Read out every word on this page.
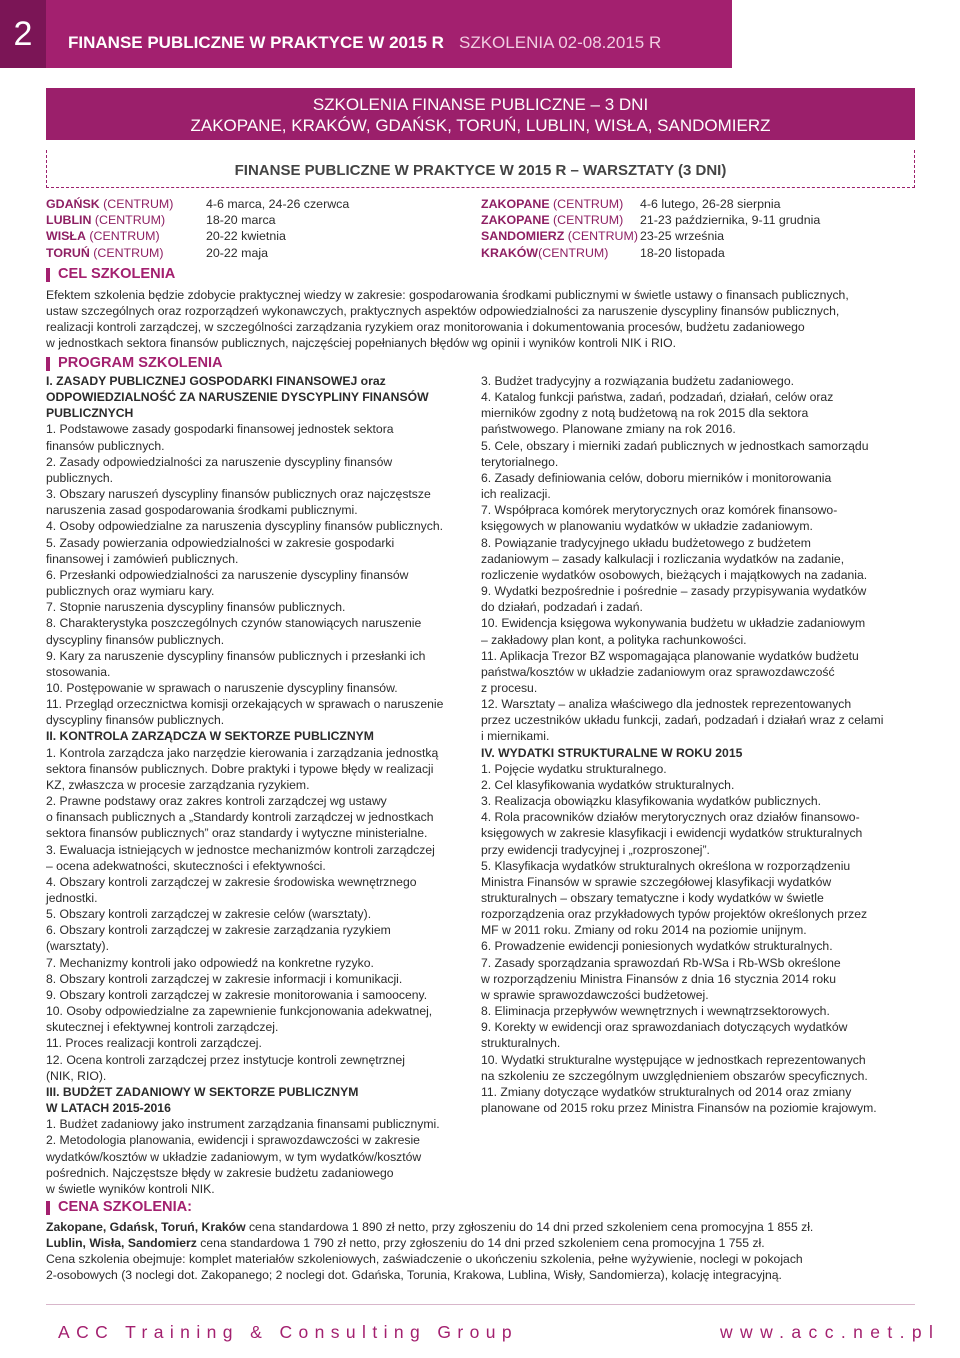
2	FINANSE PUBLICZNE W PRAKTYCE W 2015 R SZKOLENIA 02-08.2015 R
SZKOLENIA FINANSE PUBLICZNE – 3 DNI
ZAKOPANE, KRAKÓW, GDAŃSK, TORUŃ, LUBLIN, WISŁA, SANDOMIERZ
FINANSE PUBLICZNE W PRAKTYCE W 2015 R – WARSZTATY (3 DNI)
GDAŃSK (CENTRUM)
LUBLIN (CENTRUM)
WISŁA (CENTRUM)
TORUŃ (CENTRUM)
4-6 marca, 24-26 czerwca
18-20 marca
20-22 kwietnia
20-22 maja
ZAKOPANE (CENTRUM)
ZAKOPANE (CENTRUM)
SANDOMIERZ (CENTRUM)
KRAKÓW(CENTRUM)
4-6 lutego, 26-28 sierpnia
21-23 października, 9-11 grudnia
23-25 września
18-20 listopada
CEL SZKOLENIA
Efektem szkolenia będzie zdobycie praktycznej wiedzy w zakresie: gospodarowania środkami publicznymi w świetle ustawy o finansach publicznych,
ustaw szczególnych oraz rozporządzeń wykonawczych, praktycznych aspektów odpowiedzialności za naruszenie dyscypliny finansów publicznych,
realizacji kontroli zarządczej, w szczególności zarządzania ryzykiem oraz monitorowania i dokumentowania procesów, budżetu zadaniowego
w jednostkach sektora finansów publicznych, najczęściej popełnianych błędów wg opinii i wyników kontroli NIK i RIO.
PROGRAM SZKOLENIA
I. ZASADY PUBLICZNEJ GOSPODARKI FINANSOWEJ oraz
ODPOWIEDZIALNOŚĆ ZA NARUSZENIE DYSCYPLINY FINANSÓW
PUBLICZNYCH
1. Podstawowe zasady gospodarki finansowej jednostek sektora
finansów publicznych.
2. Zasady odpowiedzialności za naruszenie dyscypliny finansów
publicznych.
3. Obszary naruszeń dyscypliny finansów publicznych oraz najczęstsze
naruszenia zasad gospodarowania środkami publicznymi.
4. Osoby odpowiedzialne za naruszenia dyscypliny finansów publicznych.
5. Zasady powierzania odpowiedzialności w zakresie gospodarki
finansowej i zamówień publicznych.
6. Przesłanki odpowiedzialności za naruszenie dyscypliny finansów
publicznych oraz wymiaru kary.
7. Stopnie naruszenia dyscypliny finansów publicznych.
8. Charakterystyka poszczególnych czynów stanowiących naruszenie
dyscypliny finansów publicznych.
9. Kary za naruszenie dyscypliny finansów publicznych i przesłanki ich
stosowania.
10. Postępowanie w sprawach o naruszenie dyscypliny finansów.
11. Przegląd orzecznictwa komisji orzekających w sprawach o naruszenie
dyscypliny finansów publicznych.
II. KONTROLA ZARZĄDCZA W SEKTORZE PUBLICZNYM
1. Kontrola zarządcza jako narzędzie kierowania i zarządzania jednostką
sektora finansów publicznych. Dobre praktyki i typowe błędy w realizacji
KZ, zwłaszcza w procesie zarządzania ryzykiem.
2. Prawne podstawy oraz zakres kontroli zarządczej wg ustawy
o finansach publicznych a „Standardy kontroli zarządczej w jednostkach
sektora finansów publicznych” oraz standardy i wytyczne ministerialne.
3. Ewaluacja istniejących w jednostce mechanizmów kontroli zarządczej
– ocena adekwatności, skuteczności i efektywności.
4. Obszary kontroli zarządczej w zakresie środowiska wewnętrznego
jednostki.
5. Obszary kontroli zarządczej w zakresie celów (warsztaty).
6. Obszary kontroli zarządczej w zakresie zarządzania ryzykiem
(warsztaty).
7. Mechanizmy kontroli jako odpowiedź na konkretne ryzyko.
8. Obszary kontroli zarządczej w zakresie informacji i komunikacji.
9. Obszary kontroli zarządczej w zakresie monitorowania i samooceny.
10. Osoby odpowiedzialne za zapewnienie funkcjonowania adekwatnej,
skutecznej i efektywnej kontroli zarządczej.
11. Proces realizacji kontroli zarządczej.
12. Ocena kontroli zarządczej przez instytucje kontroli zewnętrznej
(NIK, RIO).
III. BUDŻET ZADANIOWY W SEKTORZE PUBLICZNYM
W LATACH 2015-2016
1. Budżet zadaniowy jako instrument zarządzania finansami publicznymi.
2. Metodologia planowania, ewidencji i sprawozdawczości w zakresie
wydatków/kosztów w układzie zadaniowym, w tym wydatków/kosztów
pośrednich. Najczęstsze błędy w zakresie budżetu zadaniowego
w świetle wyników kontroli NIK.
3. Budżet tradycyjny a rozwiązania budżetu zadaniowego.
4. Katalog funkcji państwa, zadań, podzadań, działań, celów oraz
mierników zgodny z notą budżetową na rok 2015 dla sektora
państwowego. Planowane zmiany na rok 2016.
5. Cele, obszary i mierniki zadań publicznych w jednostkach samorządu
terytorialnego.
6. Zasady definiowania celów, doboru mierników i monitorowania
ich realizacji.
7. Współpraca komórek merytorycznych oraz komórek finansowo-
księgowych w planowaniu wydatków w układzie zadaniowym.
8. Powiązanie tradycyjnego układu budżetowego z budżetem
zadaniowym – zasady kalkulacji i rozliczania wydatków na zadanie,
rozliczenie wydatków osobowych, bieżących i majątkowych na zadania.
9. Wydatki bezpośrednie i pośrednie – zasady przypisywania wydatków
do działań, podzadań i zadań.
10. Ewidencja księgowa wykonywania budżetu w układzie zadaniowym
– zakładowy plan kont, a polityka rachunkowości.
11. Aplikacja Trezor BZ wspomagająca planowanie wydatków budżetu
państwa/kosztów w układzie zadaniowym oraz sprawozdawczość
z procesu.
12. Warsztaty – analiza właściwego dla jednostek reprezentowanych
przez uczestników układu funkcji, zadań, podzadań i działań wraz z celami
i miernikami.
IV. WYDATKI STRUKTURALNE W ROKU 2015
1. Pojęcie wydatku strukturalnego.
2. Cel klasyfikowania wydatków strukturalnych.
3. Realizacja obowiązku klasyfikowania wydatków publicznych.
4. Rola pracowników działów merytorycznych oraz działów finansowo-
księgowych w zakresie klasyfikacji i ewidencji wydatków strukturalnych
przy ewidencji tradycyjnej i „rozproszonej”.
5. Klasyfikacja wydatków strukturalnych określona w rozporządzeniu
Ministra Finansów w sprawie szczegółowej klasyfikacji wydatków
strukturalnych – obszary tematyczne i kody wydatków w świetle
rozporządzenia oraz przykładowych typów projektów określonych przez
MF w 2011 roku. Zmiany od roku 2014 na poziomie unijnym.
6. Prowadzenie ewidencji poniesionych wydatków strukturalnych.
7. Zasady sporządzania sprawozdań Rb-WSa i Rb-WSb określone
w rozporządzeniu Ministra Finansów z dnia 16 stycznia 2014 roku
w sprawie sprawozdawczości budżetowej.
8. Eliminacja przepływów wewnętrznych i wewnątrzsektorowych.
9. Korekty w ewidencji oraz sprawozdaniach dotyczących wydatków
strukturalnych.
10. Wydatki strukturalne występujące w jednostkach reprezentowanych
na szkoleniu ze szczególnym uwzględnieniem obszarów specyficznych.
11. Zmiany dotyczące wydatków strukturalnych od 2014 oraz zmiany
planowane od 2015 roku przez Ministra Finansów na poziomie krajowym.
CENA SZKOLENIA:
Zakopane, Gdańsk, Toruń, Kraków cena standardowa 1 890 zł netto, przy zgłoszeniu do 14 dni przed szkoleniem cena promocyjna 1 855 zł.
Lublin, Wisła, Sandomierz cena standardowa 1 790 zł netto, przy zgłoszeniu do 14 dni przed szkoleniem cena promocyjna 1 755 zł.
Cena szkolenia obejmuje: komplet materiałów szkoleniowych, zaświadczenie o ukończeniu szkolenia, pełne wyżywienie, noclegi w pokojach
2-osobowych (3 noclegi dot. Zakopanego; 2 noclegi dot. Gdańska, Torunia, Krakowa, Lublina, Wisły, Sandomierza), kolację integracyjną.
ACC Training & Consulting Group	www.acc.net.pl
